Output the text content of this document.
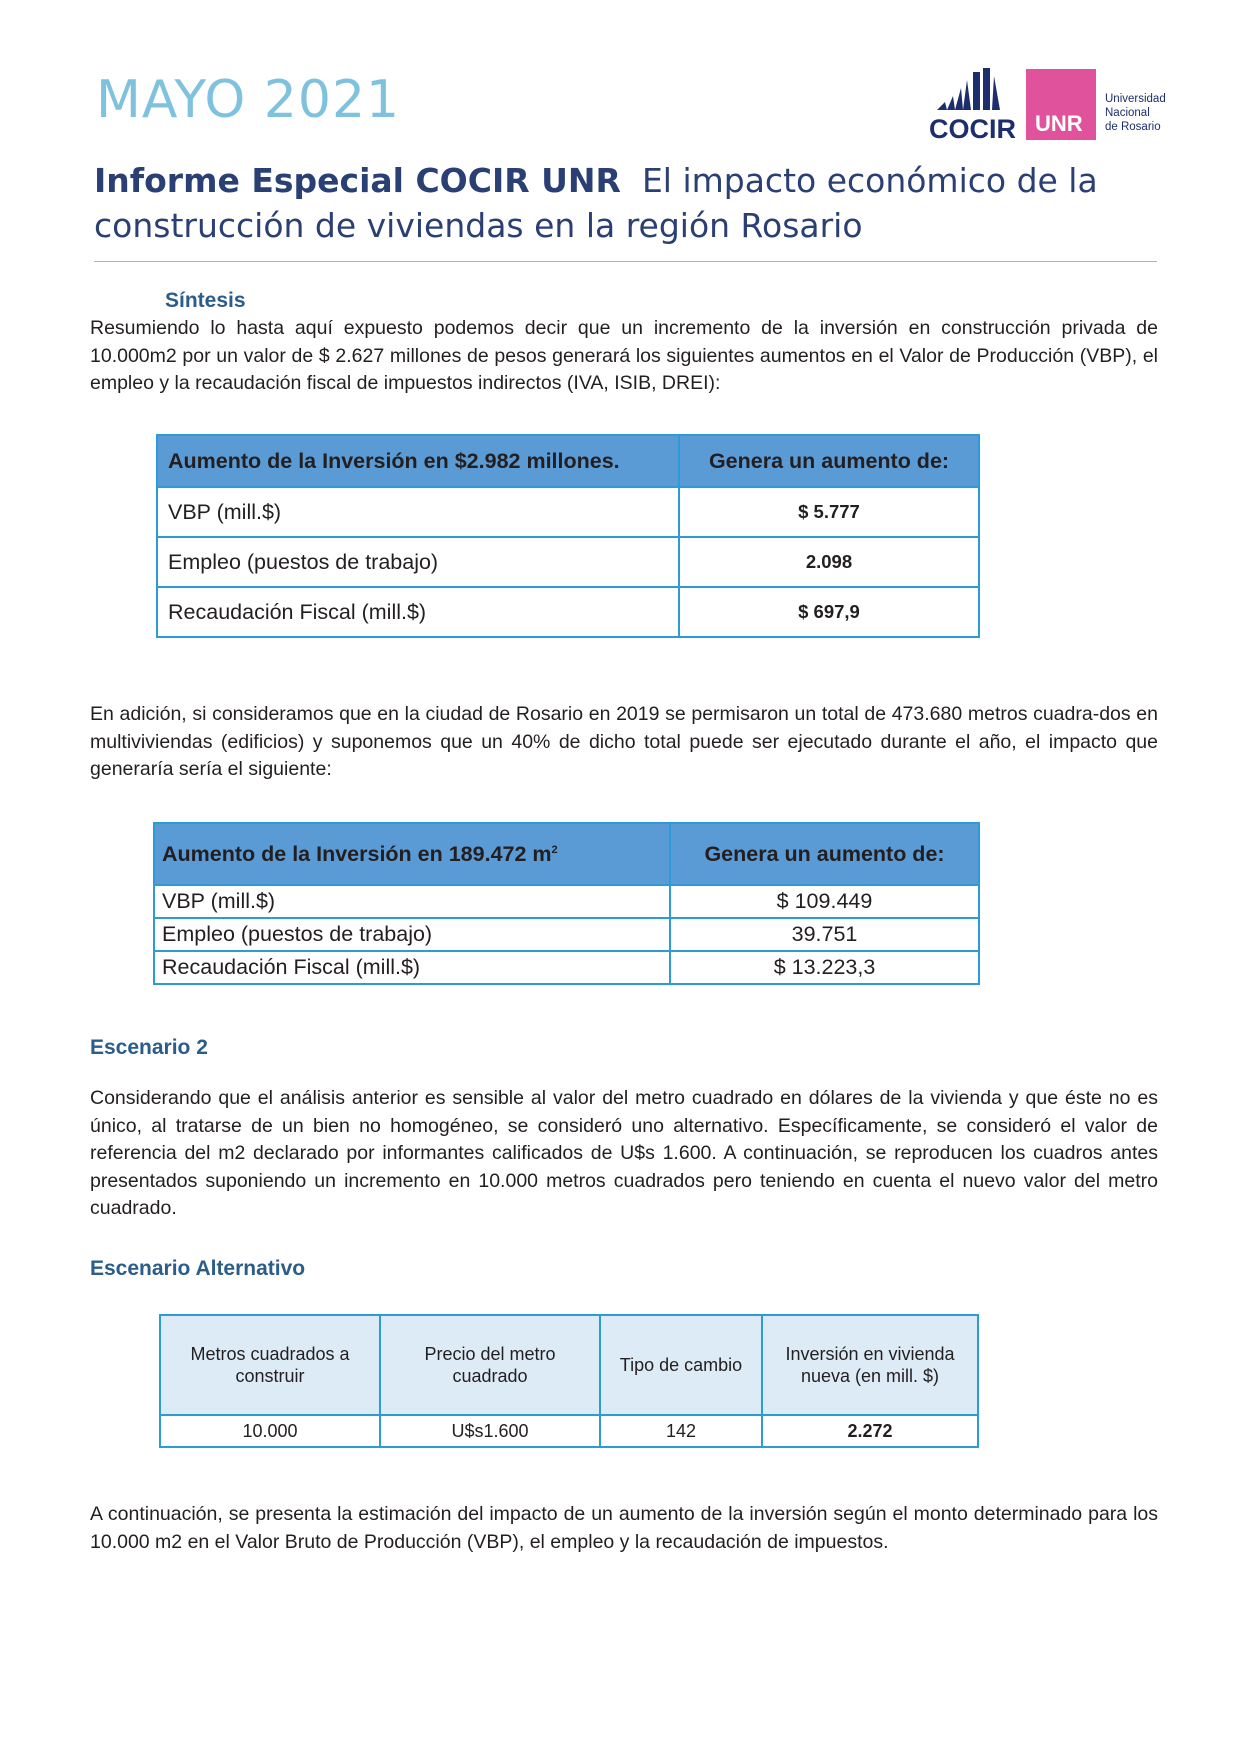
MAYO 2021	COCIR UNR
Universidad
Nacional
de Rosario
Informe Especial COCIR UNR El impacto económico de la
construcción de viviendas en la región Rosario
Síntesis
Resumiendo lo hasta aquí expuesto podemos decir que un incremento de la inversión en construcción privada de 10.000m2 por un valor de $ 2.627 millones de pesos generará los siguientes aumentos en el Valor de Producción (VBP), el empleo y la recaudación fiscal de impuestos indirectos (IVA, ISIB, DREI):
Aumento de la Inversión en $2.982 millones.	Genera un aumento de:
VBP (mill.$)	$ 5.777
Empleo (puestos de trabajo)	2.098
Recaudación Fiscal (mill.$)	$ 697,9
En adición, si consideramos que en la ciudad de Rosario en 2019 se permisaron un total de 473.680 metros cuadra-dos en multiviviendas (edificios) y suponemos que un 40% de dicho total puede ser ejecutado durante el año, el impacto que generaría sería el siguiente:
Aumento de la Inversión en 189.472 $m^2$	Genera un aumento de:
VBP (mill.$)	$ 109.449
Empleo (puestos de trabajo)	39.751
Recaudación Fiscal (mill.$)	$ 13.223,3
Escenario 2
Considerando que el análisis anterior es sensible al valor del metro cuadrado en dólares de la vivienda y que éste no es único, al tratarse de un bien no homogéneo, se consideró uno alternativo. Específicamente, se consideró el valor de referencia del m2 declarado por informantes calificados de U$s 1.600. A continuación, se reproducen los cuadros antes presentados suponiendo un incremento en 10.000 metros cuadrados pero teniendo en cuenta el nuevo valor del metro cuadrado.
Escenario Alternativo
Metros cuadrados a construir	Precio del metro cuadrado	Tipo de cambio	Inversión en vivienda nueva (en mill. $)
10.000	U$s1.600	142	2.272
A continuación, se presenta la estimación del impacto de un aumento de la inversión según el monto determinado para los 10.000 m2 en el Valor Bruto de Producción (VBP), el empleo y la recaudación de impuestos.
